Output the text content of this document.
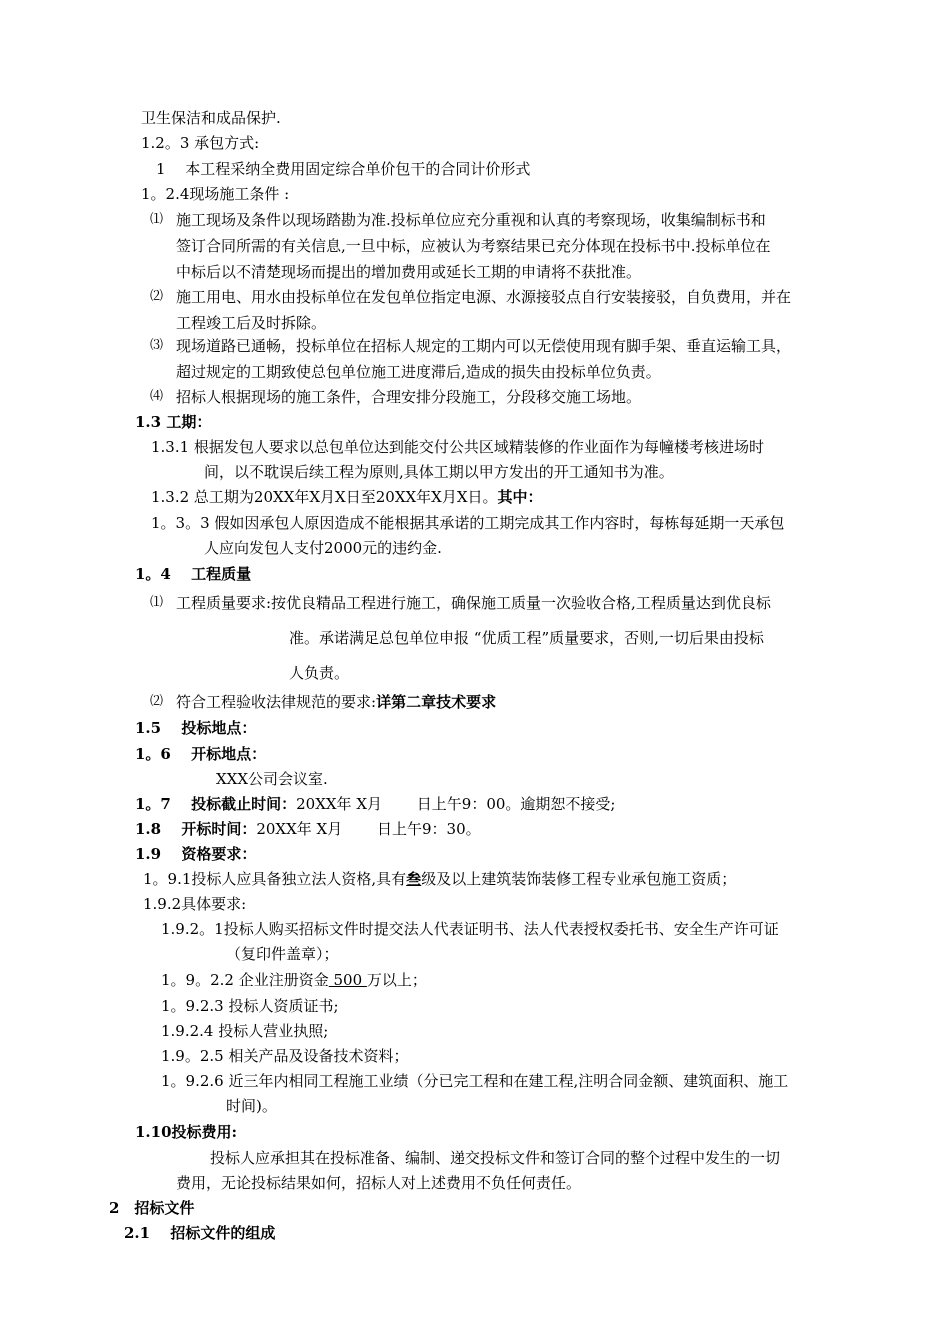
卫生保洁和成品保护.
1.2。3 承包方式:
1　 本工程采纳全费用固定综合单价包干的合同计价形式
1。2.4现场施工条件 :
⑴ 施工现场及条件以现场踏勘为准.投标单位应充分重视和认真的考察现场，收集编制标书和
签订合同所需的有关信息,一旦中标，应被认为考察结果已充分体现在投标书中.投标单位在
中标后以不清楚现场而提出的增加费用或延长工期的申请将不获批准。
⑵ 施工用电、用水由投标单位在发包单位指定电源、水源接驳点自行安装接驳，自负费用，并在
工程竣工后及时拆除。
⑶ 现场道路已通畅，投标单位在招标人规定的工期内可以无偿使用现有脚手架、垂直运输工具，
超过规定的工期致使总包单位施工进度滞后,造成的损失由投标单位负责。
⑷ 招标人根据现场的施工条件，合理安排分段施工，分段移交施工场地。
1.3 工期：
1.3.1 根据发包人要求以总包单位达到能交付公共区域精装修的作业面作为每幢楼考核进场时
间，以不耽误后续工程为原则,具体工期以甲方发出的开工通知书为准。
1.3.2 总工期为20XX年X月X日至20XX年X月X日。其中：
1。3。3 假如因承包人原因造成不能根据其承诺的工期完成其工作内容时，每栋每延期一天承包
人应向发包人支付2000元的违约金.
1。4　 工程质量
⑴ 工程质量要求:按优良精品工程进行施工，确保施工质量一次验收合格,工程质量达到优良标
准。承诺满足总包单位申报 “优质工程”质量要求，否则,一切后果由投标
人负责。
⑵ 符合工程验收法律规范的要求:详第二章技术要求
1.5　 投标地点：
1。6　 开标地点：
XXX公司会议室.
1。7　 投标截止时间：20XX年 X月　　 日上午9：00。逾期恕不接受;
1.8　 开标时间：20XX年 X月　　 日上午9：30。
1.9　 资格要求：
1。9.1投标人应具备独立法人资格,具有叁级及以上建筑装饰装修工程专业承包施工资质；
1.9.2具体要求:
1.9.2。1投标人购买招标文件时提交法人代表证明书、法人代表授权委托书、安全生产许可证
（复印件盖章）；
1。9。2.2 企业注册资金 500 万以上；
1。9.2.3 投标人资质证书;
1.9.2.4 投标人营业执照;
1.9。2.5 相关产品及设备技术资料；
1。9.2.6 近三年内相同工程施工业绩（分已完工程和在建工程,注明合同金额、建筑面积、施工
时间)。
1.10投标费用:
投标人应承担其在投标准备、编制、递交投标文件和签订合同的整个过程中发生的一切
费用，无论投标结果如何，招标人对上述费用不负任何责任。
2　招标文件
2.1　 招标文件的组成
